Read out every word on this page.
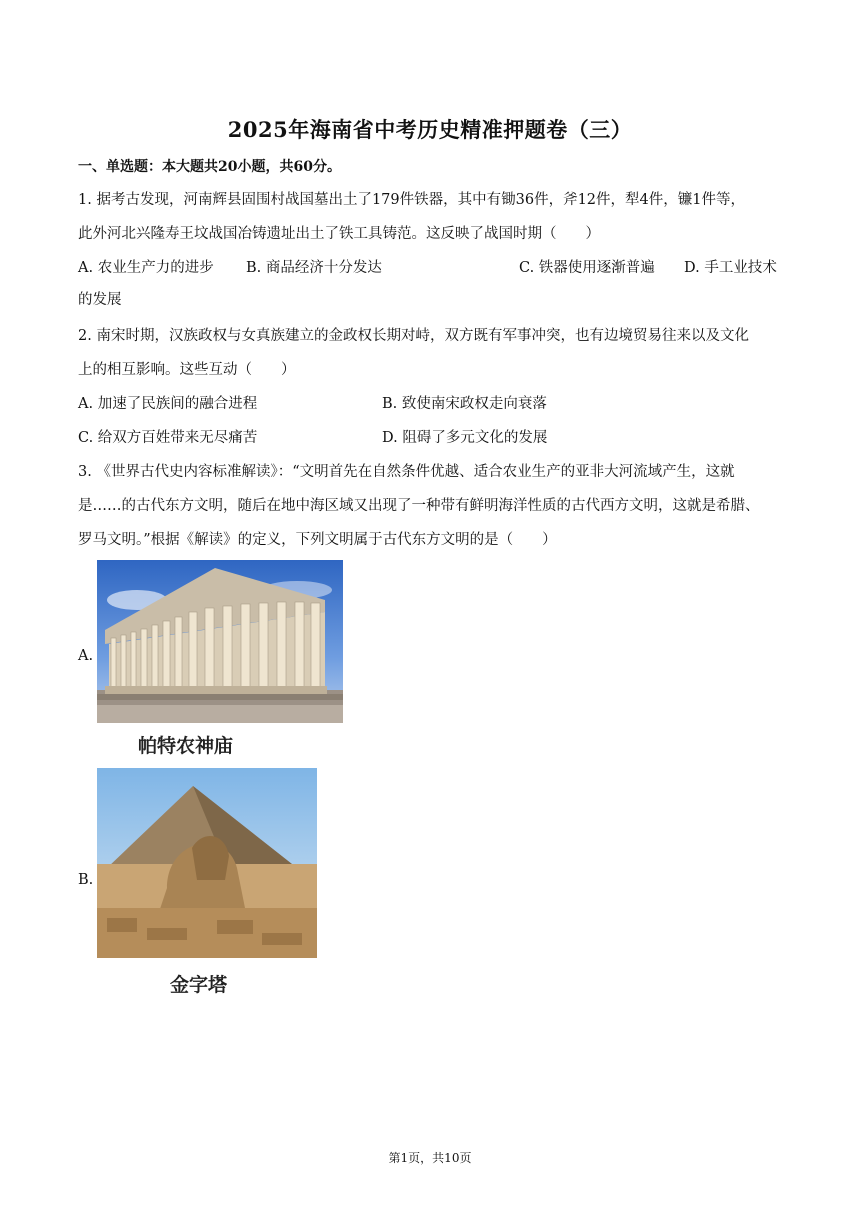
2025年海南省中考历史精准押题卷（三）
一、单选题：本大题共20小题，共60分。
1. 据考古发现，河南辉县固围村战国墓出土了179件铁器，其中有锄36件，斧12件，犁4件，镰1件等，
此外河北兴隆寿王坟战国冶铸遗址出土了铁工具铸范。这反映了战国时期（　　）
A. 农业生产力的进步 B. 商品经济十分发达	C. 铁器使用逐渐普遍 D. 手工业技术
的发展
2. 南宋时期，汉族政权与女真族建立的金政权长期对峙，双方既有军事冲突，也有边境贸易往来以及文化
上的相互影响。这些互动（　　）
A. 加速了民族间的融合进程	B. 致使南宋政权走向衰落
C. 给双方百姓带来无尽痛苦	D. 阻碍了多元文化的发展
3. 《世界古代史内容标准解读》：“文明首先在自然条件优越、适合农业生产的亚非大河流域产生，这就
是……的古代东方文明，随后在地中海区域又出现了一种带有鲜明海洋性质的古代西方文明，这就是希腊、
罗马文明。”根据《解读》的定义，下列文明属于古代东方文明的是（　　）
A.
帕特农神庙
B.
金字塔
第1页，共10页
